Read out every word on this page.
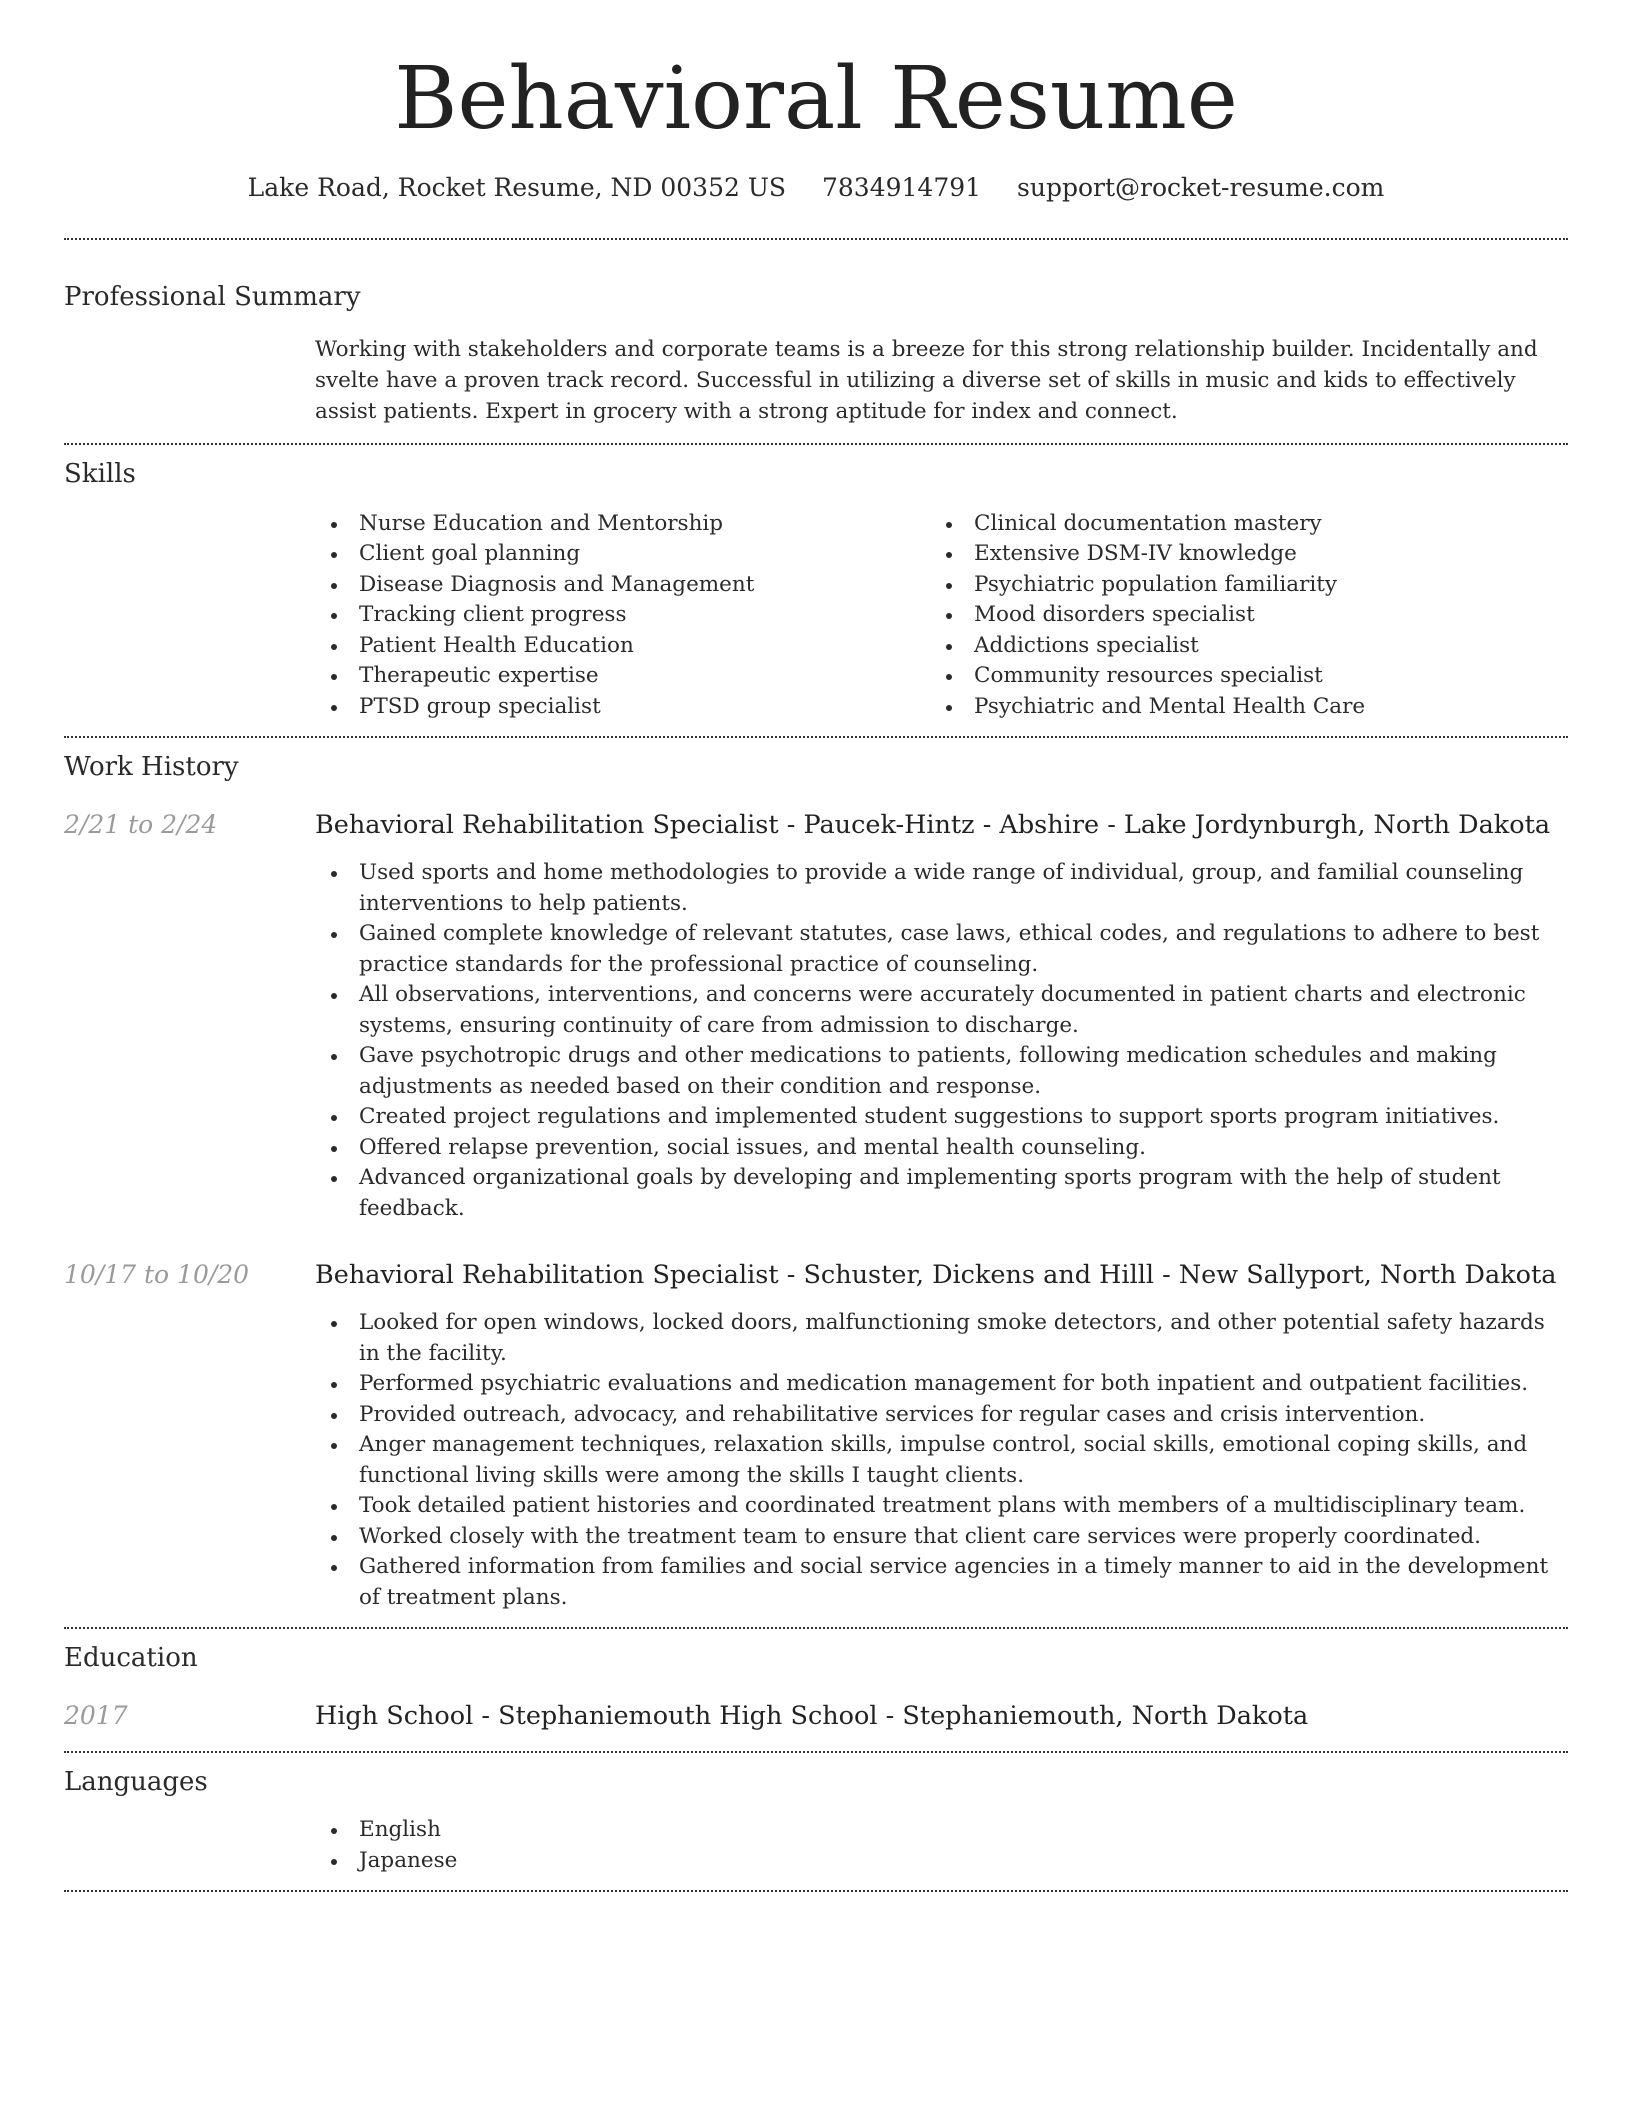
Behavioral Resume
Lake Road, Rocket Resume, ND 00352 US 7834914791 support@rocket-resume.com
Professional Summary

Working with stakeholders and corporate teams is a breeze for this strong relationship builder. Incidentally and svelte have a proven track record. Successful in utilizing a diverse set of skills in music and kids to effectively assist patients. Expert in grocery with a strong aptitude for index and connect.

Skills
Nurse Education and Mentorship
Client goal planning
Disease Diagnosis and Management
Tracking client progress
Patient Health Education
Therapeutic expertise
PTSD group specialist
Clinical documentation mastery
Extensive DSM-IV knowledge
Psychiatric population familiarity
Mood disorders specialist
Addictions specialist
Community resources specialist
Psychiatric and Mental Health Care
Work History
2/21 to 2/24	Behavioral Rehabilitation Specialist - Paucek-Hintz - Abshire - Lake Jordynburgh, North Dakota
Used sports and home methodologies to provide a wide range of individual, group, and familial counseling interventions to help patients.
Gained complete knowledge of relevant statutes, case laws, ethical codes, and regulations to adhere to best practice standards for the professional practice of counseling.
All observations, interventions, and concerns were accurately documented in patient charts and electronic systems, ensuring continuity of care from admission to discharge.
Gave psychotropic drugs and other medications to patients, following medication schedules and making adjustments as needed based on their condition and response.
Created project regulations and implemented student suggestions to support sports program initiatives.
Offered relapse prevention, social issues, and mental health counseling.
Advanced organizational goals by developing and implementing sports program with the help of student feedback.
10/17 to 10/20	Behavioral Rehabilitation Specialist - Schuster, Dickens and Hilll - New Sallyport, North Dakota
Looked for open windows, locked doors, malfunctioning smoke detectors, and other potential safety hazards in the facility.
Performed psychiatric evaluations and medication management for both inpatient and outpatient facilities.
Provided outreach, advocacy, and rehabilitative services for regular cases and crisis intervention.
Anger management techniques, relaxation skills, impulse control, social skills, emotional coping skills, and functional living skills were among the skills I taught clients.
Took detailed patient histories and coordinated treatment plans with members of a multidisciplinary team.
Worked closely with the treatment team to ensure that client care services were properly coordinated.
Gathered information from families and social service agencies in a timely manner to aid in the development of treatment plans.
Education
2017	High School - Stephaniemouth High School - Stephaniemouth, North Dakota
Languages
English
Japanese
